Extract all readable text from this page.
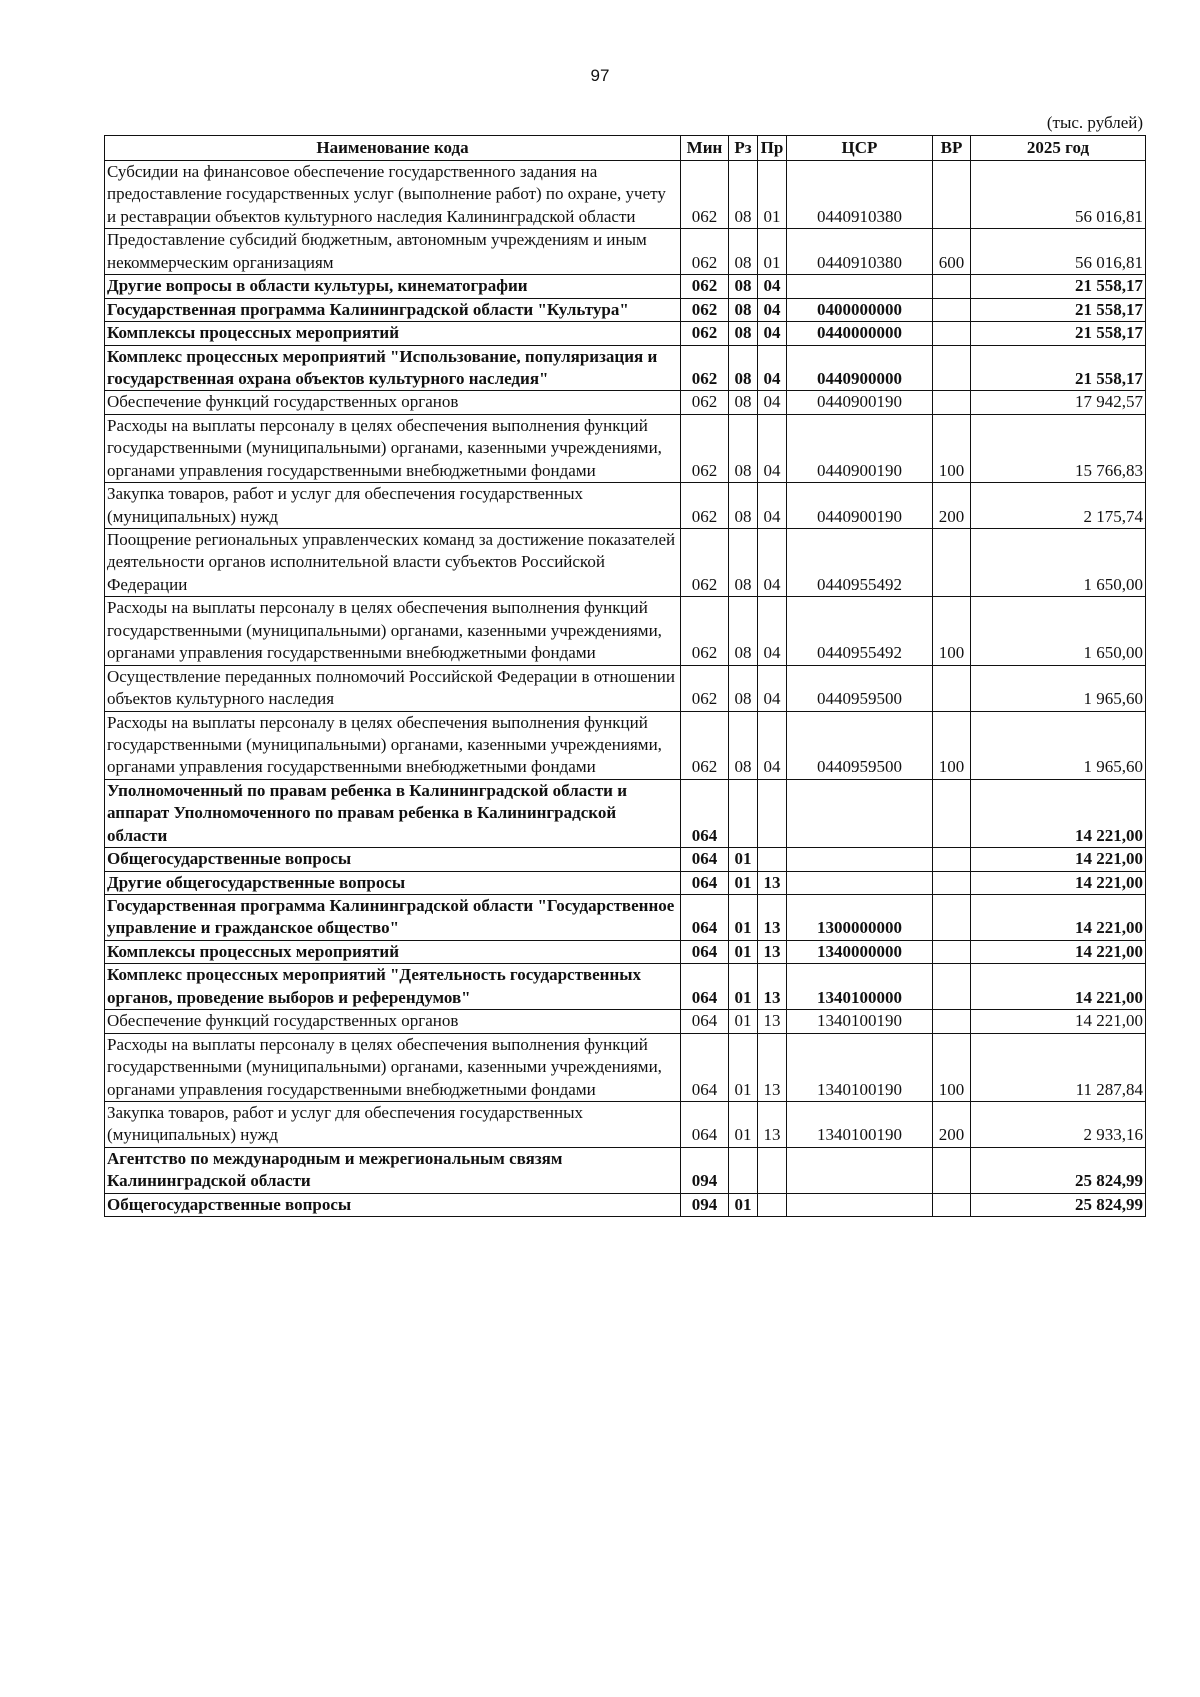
97
(тыс. рублей)
Наименование кода	Мин	Рз	Пр	ЦСР	ВР	2025 год
Субсидии на финансовое обеспечение государственного задания на предоставление государственных услуг (выполнение работ) по охране, учету и реставрации объектов культурного наследия Калининградской области	062	08	01	0440910380		56 016,81
Предоставление субсидий бюджетным, автономным учреждениям и иным некоммерческим организациям	062	08	01	0440910380	600	56 016,81
Другие вопросы в области культуры, кинематографии	062	08	04			21 558,17
Государственная программа Калининградской области "Культура"	062	08	04	0400000000		21 558,17
Комплексы процессных мероприятий	062	08	04	0440000000		21 558,17
Комплекс процессных мероприятий "Использование, популяризация и государственная охрана объектов культурного наследия"	062	08	04	0440900000		21 558,17
Обеспечение функций государственных органов	062	08	04	0440900190		17 942,57
Расходы на выплаты персоналу в целях обеспечения выполнения функций государственными (муниципальными) органами, казенными учреждениями, органами управления государственными внебюджетными фондами	062	08	04	0440900190	100	15 766,83
Закупка товаров, работ и услуг для обеспечения государственных (муниципальных) нужд	062	08	04	0440900190	200	2 175,74
Поощрение региональных управленческих команд за достижение показателей деятельности органов исполнительной власти субъектов Российской Федерации	062	08	04	0440955492		1 650,00
Расходы на выплаты персоналу в целях обеспечения выполнения функций государственными (муниципальными) органами, казенными учреждениями, органами управления государственными внебюджетными фондами	062	08	04	0440955492	100	1 650,00
Осуществление переданных полномочий Российской Федерации в отношении объектов культурного наследия	062	08	04	0440959500		1 965,60
Расходы на выплаты персоналу в целях обеспечения выполнения функций государственными (муниципальными) органами, казенными учреждениями, органами управления государственными внебюджетными фондами	062	08	04	0440959500	100	1 965,60
Уполномоченный по правам ребенка в Калининградской области и аппарат Уполномоченного по правам ребенка в Калининградской области	064					14 221,00
Общегосударственные вопросы	064	01				14 221,00
Другие общегосударственные вопросы	064	01	13			14 221,00
Государственная программа Калининградской области "Государственное управление и гражданское общество"	064	01	13	1300000000		14 221,00
Комплексы процессных мероприятий	064	01	13	1340000000		14 221,00
Комплекс процессных мероприятий "Деятельность государственных органов, проведение выборов и референдумов"	064	01	13	1340100000		14 221,00
Обеспечение функций государственных органов	064	01	13	1340100190		14 221,00
Расходы на выплаты персоналу в целях обеспечения выполнения функций государственными (муниципальными) органами, казенными учреждениями, органами управления государственными внебюджетными фондами	064	01	13	1340100190	100	11 287,84
Закупка товаров, работ и услуг для обеспечения государственных (муниципальных) нужд	064	01	13	1340100190	200	2 933,16
Агентство по международным и межрегиональным связям Калининградской области	094					25 824,99
Общегосударственные вопросы	094	01				25 824,99
